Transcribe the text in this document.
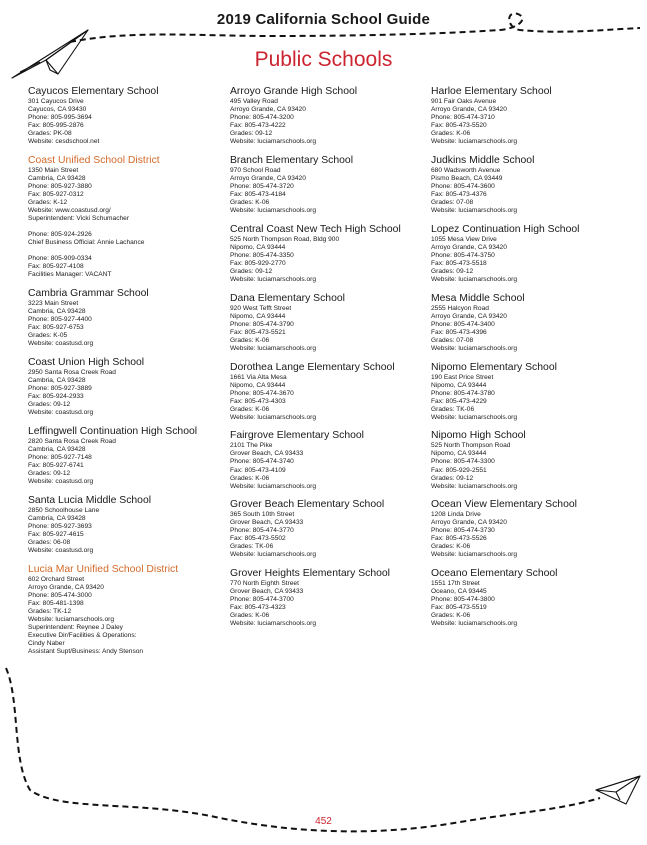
2019 California School Guide
Public Schools
Cayucos Elementary School
301 Cayucos Drive
Cayucos, CA 93430
Phone: 805-995-3694
Fax: 805-995-2876
Grades: PK-08
Website: cesdschool.net
Coast Unified School District
1350 Main Street
Cambria, CA 93428
Phone: 805-927-3880
Fax: 805-927-0312
Grades: K-12
Website: www.coastusd.org/
Superintendent: Vicki Schumacher
Phone: 805-924-2926
Chief Business Official: Annie Lachance
Phone: 805-909-0334
Fax: 805-927-4108
Facilities Manager: VACANT
Cambria Grammar School
3223 Main Street
Cambria, CA 93428
Phone: 805-927-4400
Fax: 805-927-6753
Grades: K-05
Website: coastusd.org
Coast Union High School
2950 Santa Rosa Creek Road
Cambria, CA 93428
Phone: 805-927-3889
Fax: 805-924-2933
Grades: 09-12
Website: coastusd.org
Leffingwell Continuation High School
2820 Santa Rosa Creek Road
Cambria, CA 93428
Phone: 805-927-7148
Fax: 805-927-6741
Grades: 09-12
Website: coastusd.org
Santa Lucia Middle School
2850 Schoolhouse Lane
Cambria, CA 93428
Phone: 805-927-3693
Fax: 805-927-4615
Grades: 06-08
Website: coastusd.org
Lucia Mar Unified School District
602 Orchard Street
Arroyo Grande, CA 93420
Phone: 805-474-3000
Fax: 805-481-1398
Grades: TK-12
Website: luciamarschools.org
Superintendent: Reynee J Daley
Executive Dir/Facilities & Operations:
Cindy Naber
Assistant Supt/Business: Andy Stenson
Arroyo Grande High School
495 Valley Road
Arroyo Grande, CA 93420
Phone: 805-474-3200
Fax: 805-473-4222
Grades: 09-12
Website: luciamarschools.org
Branch Elementary School
970 School Road
Arroyo Grande, CA 93420
Phone: 805-474-3720
Fax: 805-473-4184
Grades: K-06
Website: luciamarschools.org
Central Coast New Tech High School
525 North Thompson Road, Bldg 900
Nipomo, CA 93444
Phone: 805-474-3350
Fax: 805-929-2770
Grades: 09-12
Website: luciamarschools.org
Dana Elementary School
920 West Tefft Street
Nipomo, CA 93444
Phone: 805-474-3790
Fax: 805-473-5521
Grades: K-06
Website: luciamarschools.org
Dorothea Lange Elementary School
1661 Via Alta Mesa
Nipomo, CA 93444
Phone: 805-474-3670
Fax: 805-473-4303
Grades: K-06
Website: luciamarschools.org
Fairgrove Elementary School
2101 The Pike
Grover Beach, CA 93433
Phone: 805-474-3740
Fax: 805-473-4109
Grades: K-06
Website: luciamarschools.org
Grover Beach Elementary School
365 South 10th Street
Grover Beach, CA 93433
Phone: 805-474-3770
Fax: 805-473-5502
Grades: TK-06
Website: luciamarschools.org
Grover Heights Elementary School
770 North Eighth Street
Grover Beach, CA 93433
Phone: 805-474-3700
Fax: 805-473-4323
Grades: K-06
Website: luciamarschools.org
Harloe Elementary School
901 Fair Oaks Avenue
Arroyo Grande, CA 93420
Phone: 805-474-3710
Fax: 805-473-5520
Grades: K-06
Website: luciamarschools.org
Judkins Middle School
680 Wadsworth Avenue
Pismo Beach, CA 93449
Phone: 805-474-3600
Fax: 805-473-4376
Grades: 07-08
Website: luciamarschools.org
Lopez Continuation High School
1055 Mesa View Drive
Arroyo Grande, CA 93420
Phone: 805-474-3750
Fax: 805-473-5518
Grades: 09-12
Website: luciamarschools.org
Mesa Middle School
2555 Halcyon Road
Arroyo Grande, CA 93420
Phone: 805-474-3400
Fax: 805-473-4396
Grades: 07-08
Website: luciamarschools.org
Nipomo Elementary School
190 East Price Street
Nipomo, CA 93444
Phone: 805-474-3780
Fax: 805-473-4229
Grades: TK-06
Website: luciamarschools.org
Nipomo High School
525 North Thompson Road
Nipomo, CA 93444
Phone: 805-474-3300
Fax: 805-929-2551
Grades: 09-12
Website: luciamarschools.org
Ocean View Elementary School
1208 Linda Drive
Arroyo Grande, CA 93420
Phone: 805-474-3730
Fax: 805-473-5526
Grades: K-06
Website: luciamarschools.org
Oceano Elementary School
1551 17th Street
Oceano, CA 93445
Phone: 805-474-3800
Fax: 805-473-5519
Grades: K-06
Website: luciamarschools.org
452
